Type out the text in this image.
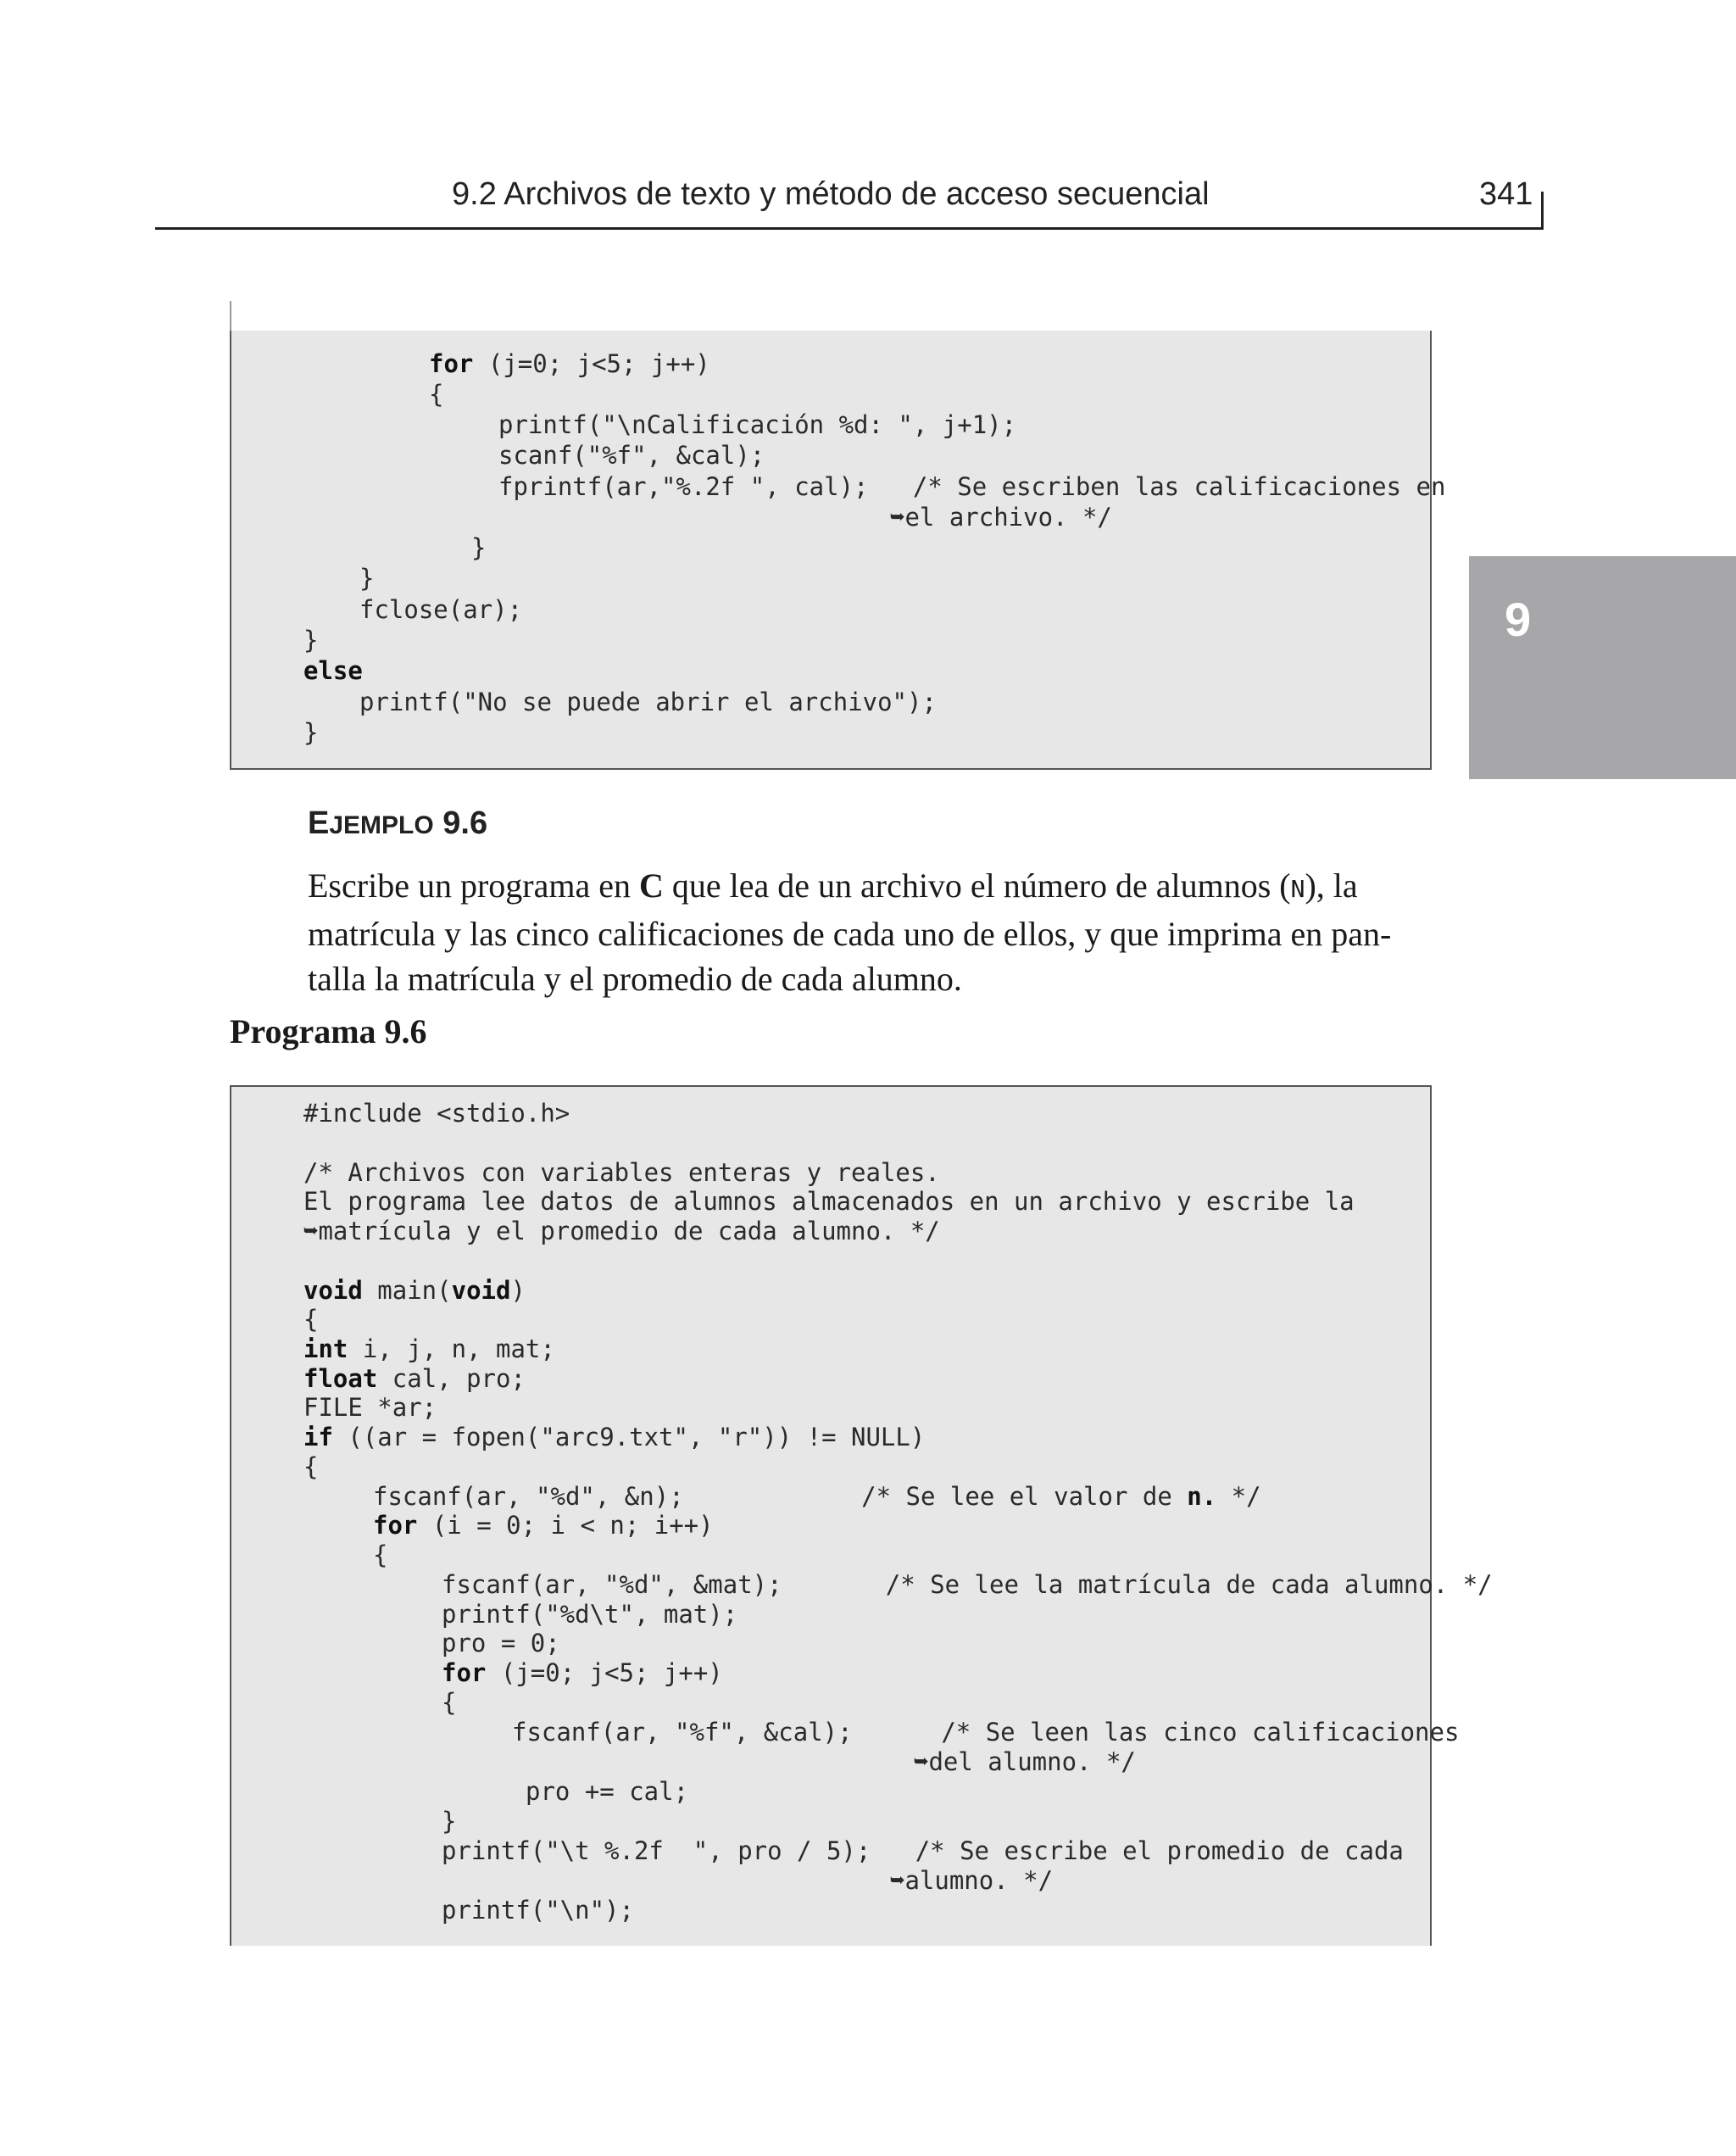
9.2 Archivos de texto y método de acceso secuencial	341
9
for (j=0; j<5; j++)
{
printf("\nCalificación %d: ", j+1);
scanf("%f", &cal);
fprintf(ar,"%.2f ", cal);   /* Se escriben las calificaciones en
➥el archivo. */
}
}
fclose(ar);
}
else
printf("No se puede abrir el archivo");
}
EJEMPLO 9.6
Escribe un programa en C que lea de un archivo el número de alumnos (N), la
matrícula y las cinco calificaciones de cada uno de ellos, y que imprima en pan-
talla la matrícula y el promedio de cada alumno.
Programa 9.6
#include <stdio.h>
/* Archivos con variables enteras y reales.
El programa lee datos de alumnos almacenados en un archivo y escribe la
➥matrícula y el promedio de cada alumno. */
void main(void)
{
int i, j, n, mat;
float cal, pro;
FILE *ar;
if ((ar = fopen("arc9.txt", "r")) != NULL)
{
fscanf(ar, "%d", &n);            /* Se lee el valor de n. */
for (i = 0; i < n; i++)
{
fscanf(ar, "%d", &mat);       /* Se lee la matrícula de cada alumno. */
printf("%d\t", mat);
pro = 0;
for (j=0; j<5; j++)
{
fscanf(ar, "%f", &cal);      /* Se leen las cinco calificaciones
➥del alumno. */
pro += cal;
}
printf("\t %.2f  ", pro / 5);   /* Se escribe el promedio de cada
➥alumno. */
printf("\n");
